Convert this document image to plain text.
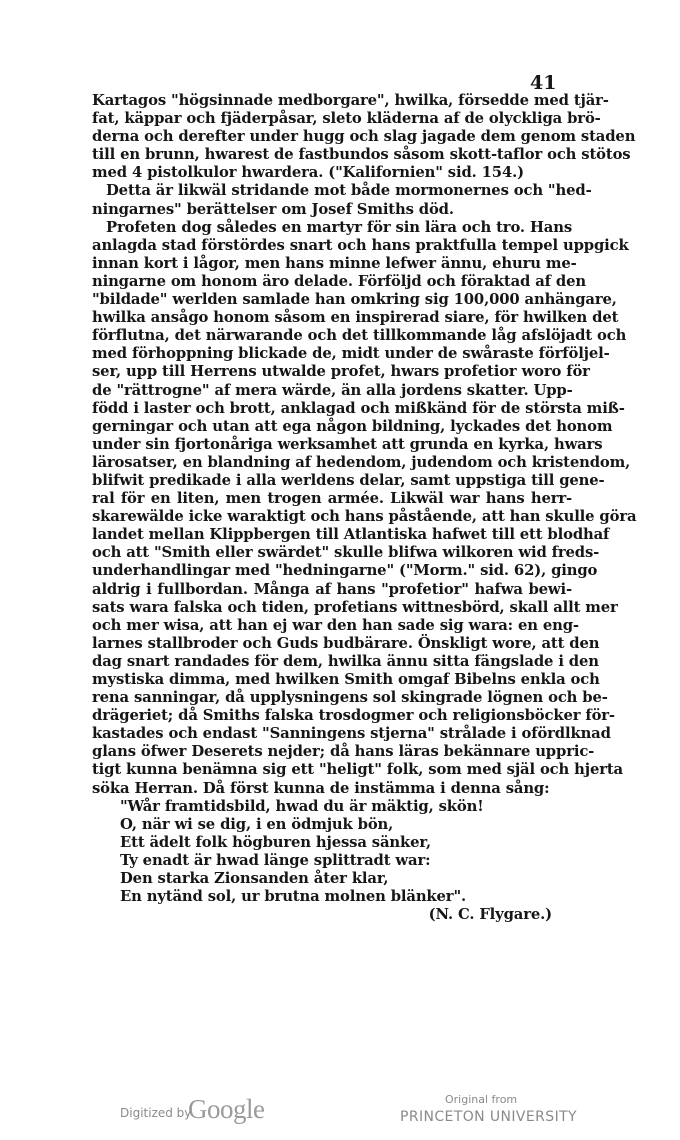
41
Kartagos "högsinnade medborgare", hwilka, försedde med tjär-
fat, käppar och fjäderpåsar, sleto kläderna af de olyckliga brö-
derna och derefter under hugg och slag jagade dem genom staden
till en brunn, hwarest de fastbundos såsom skott-taflor och stötos
med 4 pistolkulor hwardera. ("Kalifornien" sid. 154.)
Detta är likwäl stridande mot både mormonernes och "hed-
ningarnes" berättelser om Josef Smiths död.
Profeten dog således en martyr för sin lära och tro. Hans
anlagda stad förstördes snart och hans praktfulla tempel uppgick
innan kort i lågor, men hans minne lefwer ännu, ehuru me-
ningarne om honom äro delade. Förföljd och föraktad af den
"bildade" werlden samlade han omkring sig 100,000 anhängare,
hwilka ansågo honom såsom en inspirerad siare, för hwilken det
förflutna, det närwarande och det tillkommande låg afslöjadt och
med förhoppning blickade de, midt under de swåraste förföljel-
ser, upp till Herrens utwalde profet, hwars profetior woro för
de "rättrogne" af mera wärde, än alla jordens skatter. Upp-
född i laster och brott, anklagad och mißkänd för de största miß-
gerningar och utan att ega någon bildning, lyckades det honom
under sin fjortonåriga werksamhet att grunda en kyrka, hwars
lärosatser, en blandning af hedendom, judendom och kristendom,
blifwit predikade i alla werldens delar, samt uppstiga till gene-
ral för en liten, men trogen armée. Likwäl war hans herr-
skarewälde icke waraktigt och hans påstående, att han skulle göra
landet mellan Klippbergen till Atlantiska hafwet till ett blodhaf
och att "Smith eller swärdet" skulle blifwa wilkoren wid freds-
underhandlingar med "hedningarne" ("Morm." sid. 62), gingo
aldrig i fullbordan. Många af hans "profetior" hafwa bewi-
sats wara falska och tiden, profetians wittnesbörd, skall allt mer
och mer wisa, att han ej war den han sade sig wara: en eng-
larnes stallbroder och Guds budbärare. Önskligt wore, att den
dag snart randades för dem, hwilka ännu sitta fängslade i den
mystiska dimma, med hwilken Smith omgaf Bibelns enkla och
rena sanningar, då upplysningens sol skingrade lögnen och be-
drägeriet; då Smiths falska trosdogmer och religionsböcker för-
kastades och endast "Sanningens stjerna" strålade i ofördlknad
glans öfwer Deserets nejder; då hans läras bekännare uppric-
tigt kunna benämna sig ett "heligt" folk, som med själ och hjerta
söka Herran. Då först kunna de instämma i denna sång:
"Wår framtidsbild, hwad du är mäktig, skön!
O, när wi se dig, i en ödmjuk bön,
Ett ädelt folk högburen hjessa sänker,
Ty enadt är hwad länge splittradt war:
Den starka Zionsanden åter klar,
En nytänd sol, ur brutna molnen blänker".
(N. C. Flygare.)
Digitized by
Google	Original from
PRINCETON UNIVERSITY
